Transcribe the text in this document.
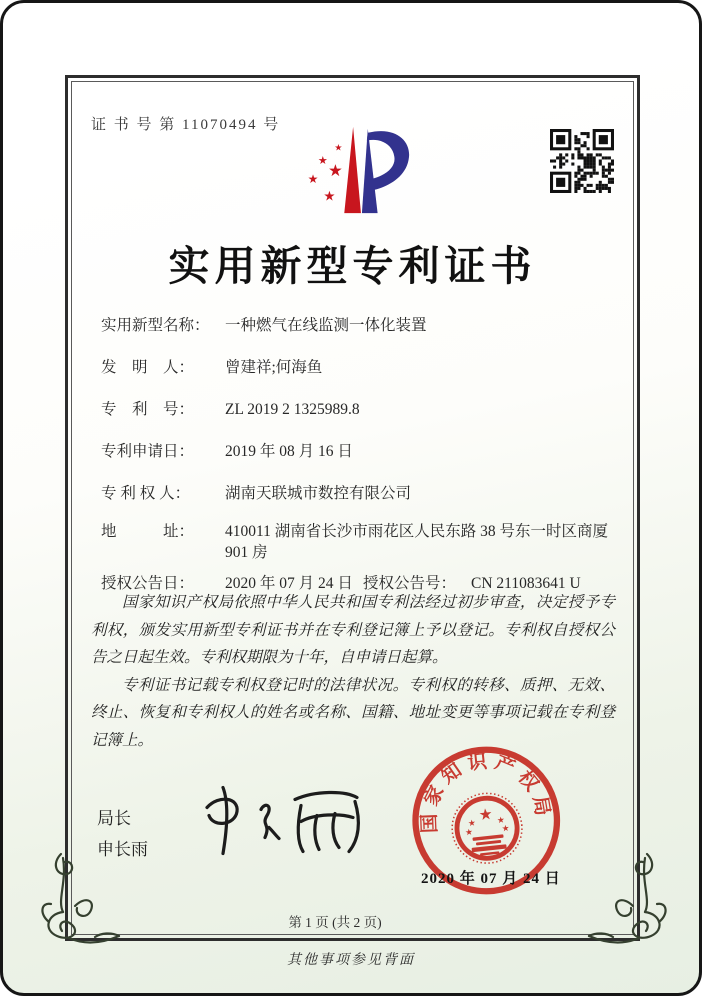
证 书 号 第 11070494 号
★
★
★ ★
★
实用新型专利证书
实用新型名称： 一种燃气在线监测一体化装置
发　明　人：	曾建祥;何海鱼
专　利　号：	ZL 2019 2 1325989.8
专利申请日：	2019 年 08 月 16 日
专 利 权 人：	湖南天联城市数控有限公司
地　　　址：	410011 湖南省长沙市雨花区人民东路 38 号东一时区商厦 901 房
授权公告日：	2020 年 07 月 24 日 授权公告号： CN 211083641 U

国家知识产权局依照中华人民共和国专利法经过初步审查，决定授予专利权，颁发实用新型专利证书并在专利登记簿上予以登记。专利权自授权公告之日起生效。专利权期限为十年，自申请日起算。

专利证书记载专利权登记时的法律状况。专利权的转移、质押、无效、终止、恢复和专利权人的姓名或名称、国籍、地址变更等事项记载在专利登记簿上。

局长
申长雨
国家知识产权局
★
★ ★
★	★
2020 年 07 月 24 日
第 1 页 (共 2 页)
其他事项参见背面
